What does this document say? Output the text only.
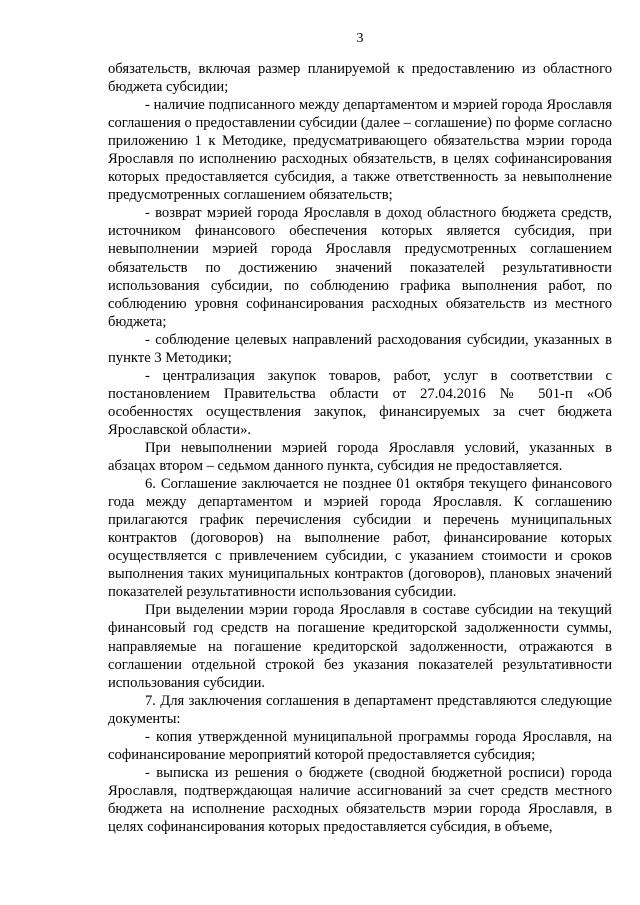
3

обязательств, включая размер планируемой к предоставлению из областного бюджета субсидии;

- наличие подписанного между департаментом и мэрией города Ярославля соглашения о предоставлении субсидии (далее – соглашение) по форме согласно приложению 1 к Методике, предусматривающего обязательства мэрии города Ярославля по исполнению расходных обязательств, в целях софинансирования которых предоставляется субсидия, а также ответственность за невыполнение предусмотренных соглашением обязательств;

- возврат мэрией города Ярославля в доход областного бюджета средств, источником финансового обеспечения которых является субсидия, при невыполнении мэрией города Ярославля предусмотренных соглашением обязательств по достижению значений показателей результативности использования субсидии, по соблюдению графика выполнения работ, по соблюдению уровня софинансирования расходных обязательств из местного бюджета;

- соблюдение целевых направлений расходования субсидии, указанных в пункте 3 Методики;

- централизация закупок товаров, работ, услуг в соответствии с постановлением Правительства области от 27.04.2016 № 501-п «Об особенностях осуществления закупок, финансируемых за счет бюджета Ярославской области».

При невыполнении мэрией города Ярославля условий, указанных в абзацах втором – седьмом данного пункта, субсидия не предоставляется.

6. Соглашение заключается не позднее 01 октября текущего финансового года между департаментом и мэрией города Ярославля. К соглашению прилагаются график перечисления субсидии и перечень муниципальных контрактов (договоров) на выполнение работ, финансирование которых осуществляется с привлечением субсидии, с указанием стоимости и сроков выполнения таких муниципальных контрактов (договоров), плановых значений показателей результативности использования субсидии.

При выделении мэрии города Ярославля в составе субсидии на текущий финансовый год средств на погашение кредиторской задолженности суммы, направляемые на погашение кредиторской задолженности, отражаются в соглашении отдельной строкой без указания показателей результативности использования субсидии.

7. Для заключения соглашения в департамент представляются следующие документы:

- копия утвержденной муниципальной программы города Ярославля, на софинансирование мероприятий которой предоставляется субсидия;

- выписка из решения о бюджете (сводной бюджетной росписи) города Ярославля, подтверждающая наличие ассигнований за счет средств местного бюджета на исполнение расходных обязательств мэрии города Ярославля, в целях софинансирования которых предоставляется субсидия, в объеме,
